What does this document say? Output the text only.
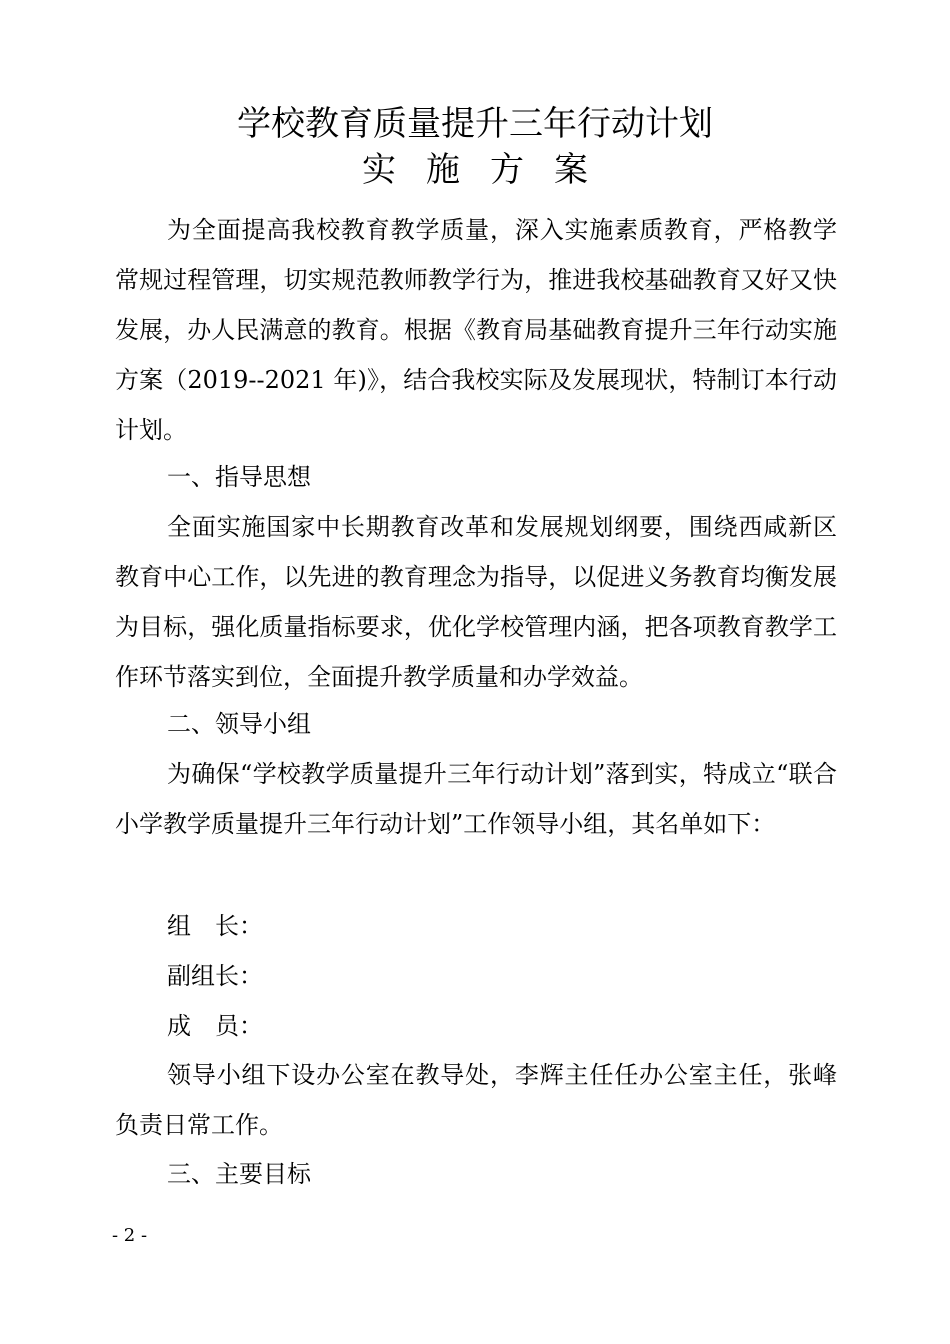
学校教育质量提升三年行动计划
实施方案

为全面提高我校教育教学质量，深入实施素质教育，严格教学常规过程管理，切实规范教师教学行为，推进我校基础教育又好又快发展，办人民满意的教育。根据《教育局基础教育提升三年行动实施方案（2019--2021 年)》，结合我校实际及发展现状，特制订本行动计划。

一、指导思想

全面实施国家中长期教育改革和发展规划纲要，围绕西咸新区教育中心工作，以先进的教育理念为指导，以促进义务教育均衡发展为目标，强化质量指标要求，优化学校管理内涵，把各项教育教学工作环节落实到位，全面提升教学质量和办学效益。

二、领导小组

为确保“学校教学质量提升三年行动计划”落到实，特成立“联合小学教学质量提升三年行动计划”工作领导小组，其名单如下：

组　长：

副组长：

成　员：

领导小组下设办公室在教导处，李辉主任任办公室主任，张峰负责日常工作。

三、主要目标

- 2 -
